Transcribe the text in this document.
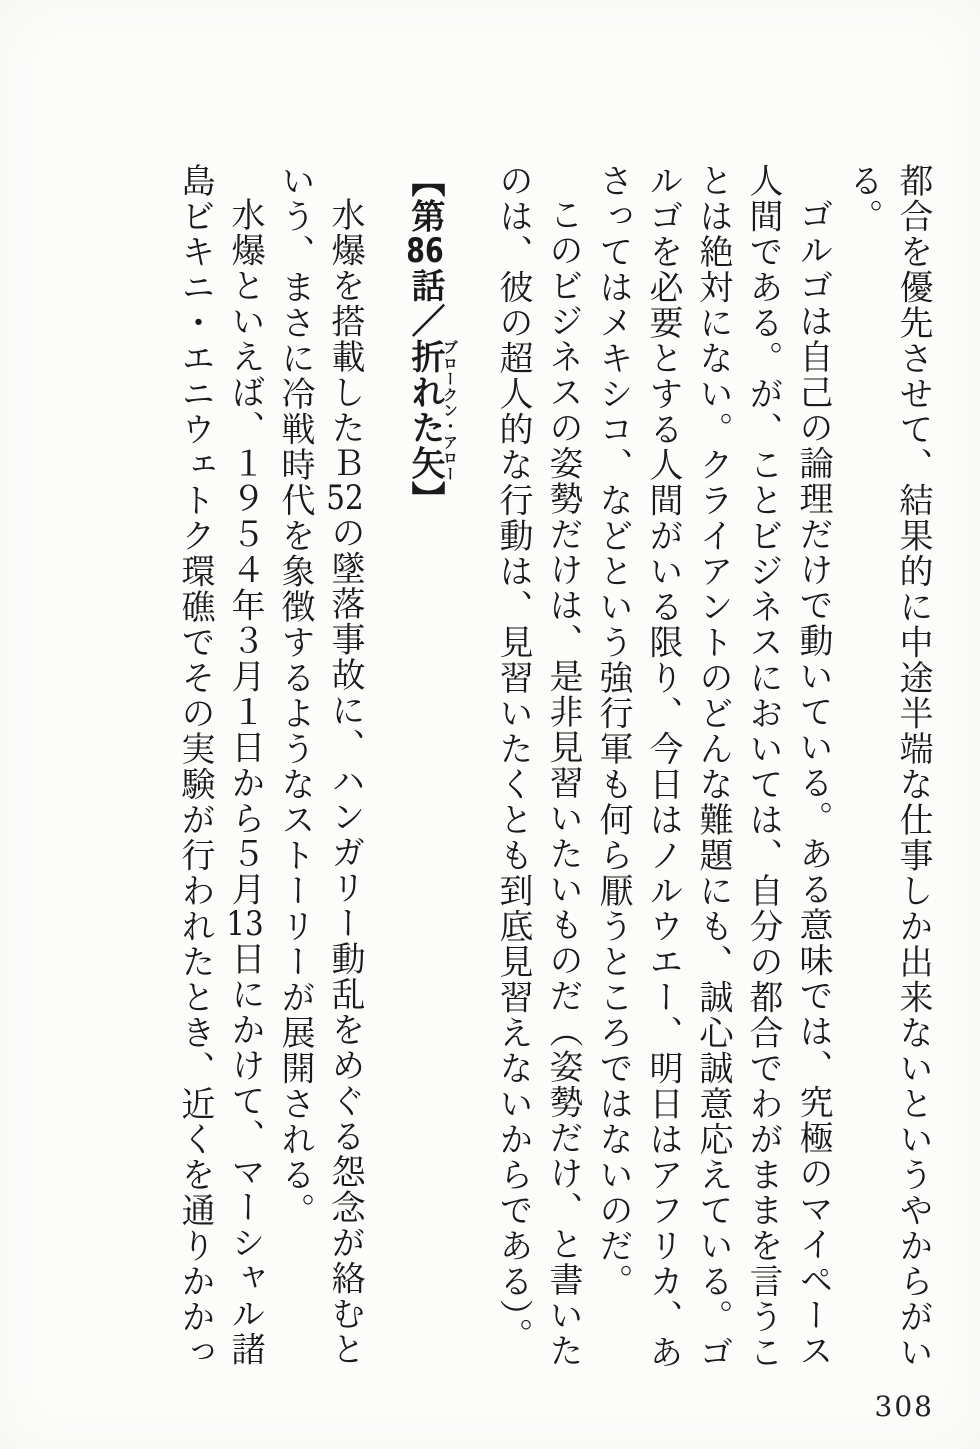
都合を優先させて、結果的に中途半端な仕事しか出来ないというやからがいる。

ゴルゴは自己の論理だけで動いている。ある意味では、究極のマイペース人間である。が、ことビジネスにおいては、自分の都合でわがままを言うことは絶対にない。クライアントのどんな難題にも、誠心誠意応えている。ゴルゴを必要とする人間がいる限り、今日はノルウエー、明日はアフリカ、あさってはメキシコ、などという強行軍も何ら厭うところではないのだ。

このビジネスの姿勢だけは、是非見習いたいものだ（姿勢だけ、と書いたのは、彼の超人的な行動は、見習いたくとも到底見習えないからである）。

【第86話／折れた矢ブロークン・アロー】

水爆を搭載したＢ52の墜落事故に、ハンガリー動乱をめぐる怨念が絡むという、まさに冷戦時代を象徴するようなストーリーが展開される。

水爆といえば、１９５４年３月１日から５月13日にかけて、マーシャル諸島ビキニ・エニウェトク環礁でその実験が行われたとき、近くを通りかかっ

308
